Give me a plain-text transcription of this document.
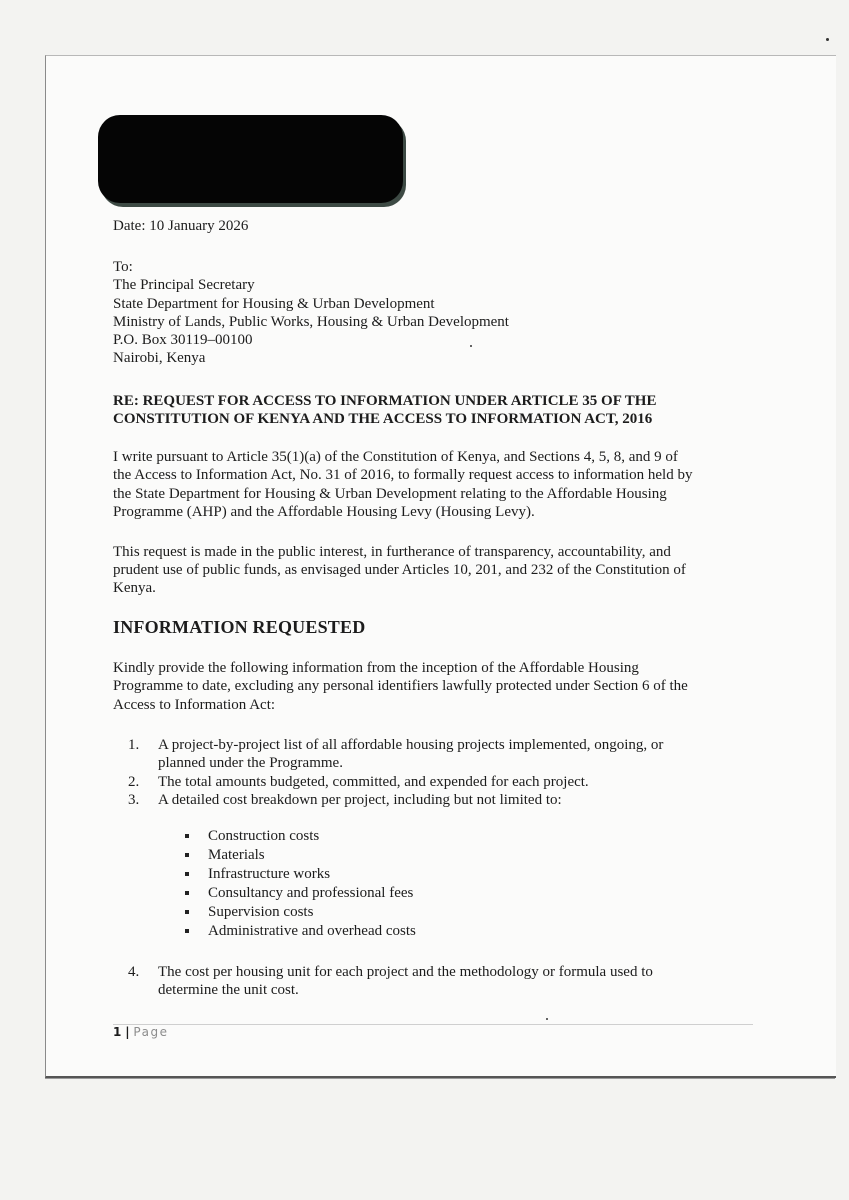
Date: 10 January 2026
To:
The Principal Secretary
State Department for Housing & Urban Development
Ministry of Lands, Public Works, Housing & Urban Development
P.O. Box 30119–00100
Nairobi, Kenya
RE: REQUEST FOR ACCESS TO INFORMATION UNDER ARTICLE 35 OF THE
CONSTITUTION OF KENYA AND THE ACCESS TO INFORMATION ACT, 2016
I write pursuant to Article 35(1)(a) of the Constitution of Kenya, and Sections 4, 5, 8, and 9 of
the Access to Information Act, No. 31 of 2016, to formally request access to information held by
the State Department for Housing & Urban Development relating to the Affordable Housing
Programme (AHP) and the Affordable Housing Levy (Housing Levy).
This request is made in the public interest, in furtherance of transparency, accountability, and
prudent use of public funds, as envisaged under Articles 10, 201, and 232 of the Constitution of
Kenya.
INFORMATION REQUESTED
Kindly provide the following information from the inception of the Affordable Housing
Programme to date, excluding any personal identifiers lawfully protected under Section 6 of the
Access to Information Act:
1. A project-by-project list of all affordable housing projects implemented, ongoing, or
planned under the Programme.
2. The total amounts budgeted, committed, and expended for each project.
3. A detailed cost breakdown per project, including but not limited to:
Construction costs
Materials
Infrastructure works
Consultancy and professional fees
Supervision costs
Administrative and overhead costs
4. The cost per housing unit for each project and the methodology or formula used to
determine the unit cost.
1 | Page
